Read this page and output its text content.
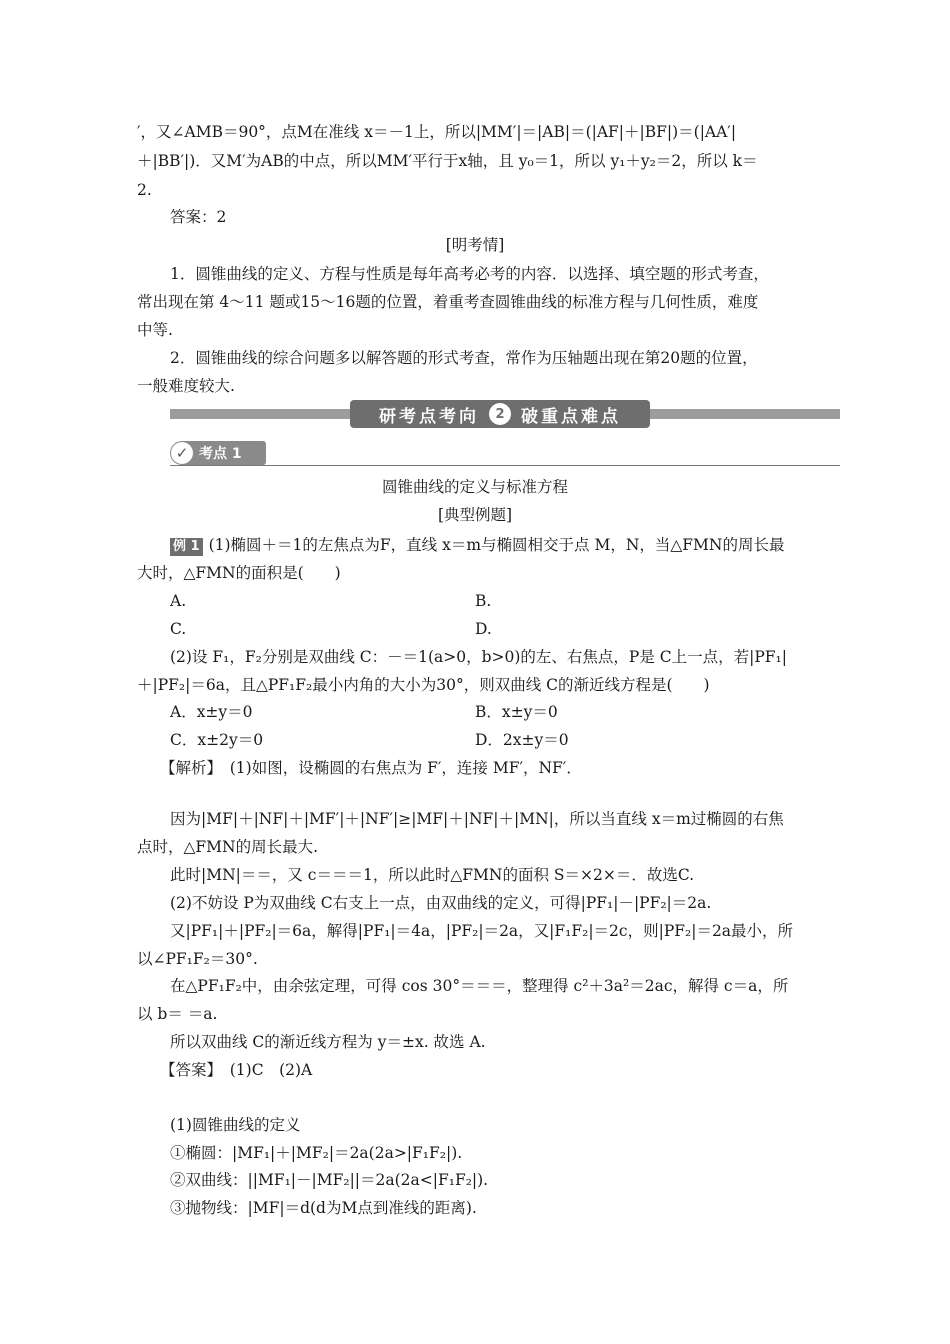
′，又∠AMB＝90°，点M在准线 x＝－1上，所以|MM′|＝|AB|＝(|AF|＋|BF|)＝(|AA′|
＋|BB′|)．又M′为AB的中点，所以MM′平行于x轴，且 y₀＝1，所以 y₁＋y₂＝2，所以 k＝
2.
答案：2
[明考情]
1．圆锥曲线的定义、方程与性质是每年高考必考的内容．以选择、填空题的形式考查，
常出现在第 4～11 题或15～16题的位置，着重考查圆锥曲线的标准方程与几何性质，难度
中等.
2．圆锥曲线的综合问题多以解答题的形式考查，常作为压轴题出现在第20题的位置，
一般难度较大.
研考点考向	2 破重点难点
✓ 考点 1
圆锥曲线的定义与标准方程
[典型例题]
例 1 (1)椭圆＋＝1的左焦点为F，直线 x＝m与椭圆相交于点 M，N，当△FMN的周长最
大时，△FMN的面积是(　　)
A.	B.
C.	D.
(2)设 F₁，F₂分别是双曲线 C：－＝1(a>0，b>0)的左、右焦点，P是 C上一点，若|PF₁|
＋|PF₂|＝6a，且△PF₁F₂最小内角的大小为30°，则双曲线 C的渐近线方程是(　　)
A．x±y＝0	B．x±y＝0
C．x±2y＝0	D．2x±y＝0
【解析】　(1)如图，设椭圆的右焦点为 F′，连接 MF′，NF′．
因为|MF|＋|NF|＋|MF′|＋|NF′|≥|MF|＋|NF|＋|MN|，所以当直线 x＝m过椭圆的右焦
点时，△FMN的周长最大.
此时|MN|＝＝，又 c＝＝＝1，所以此时△FMN的面积 S＝×2×＝．故选C.
(2)不妨设 P为双曲线 C右支上一点，由双曲线的定义，可得|PF₁|－|PF₂|＝2a.
又|PF₁|＋|PF₂|＝6a，解得|PF₁|＝4a，|PF₂|＝2a，又|F₁F₂|＝2c，则|PF₂|＝2a最小，所
以∠PF₁F₂＝30°.
在△PF₁F₂中，由余弦定理，可得 cos 30°＝＝＝，整理得 c²＋3a²＝2ac，解得 c＝a，所
以 b＝ ＝a.
所以双曲线 C的渐近线方程为 y＝±x. 故选 A.
【答案】　(1)C　(2)A
(1)圆锥曲线的定义
①椭圆：|MF₁|＋|MF₂|＝2a(2a>|F₁F₂|).
②双曲线：||MF₁|－|MF₂||＝2a(2a<|F₁F₂|).
③抛物线：|MF|＝d(d为M点到准线的距离).
